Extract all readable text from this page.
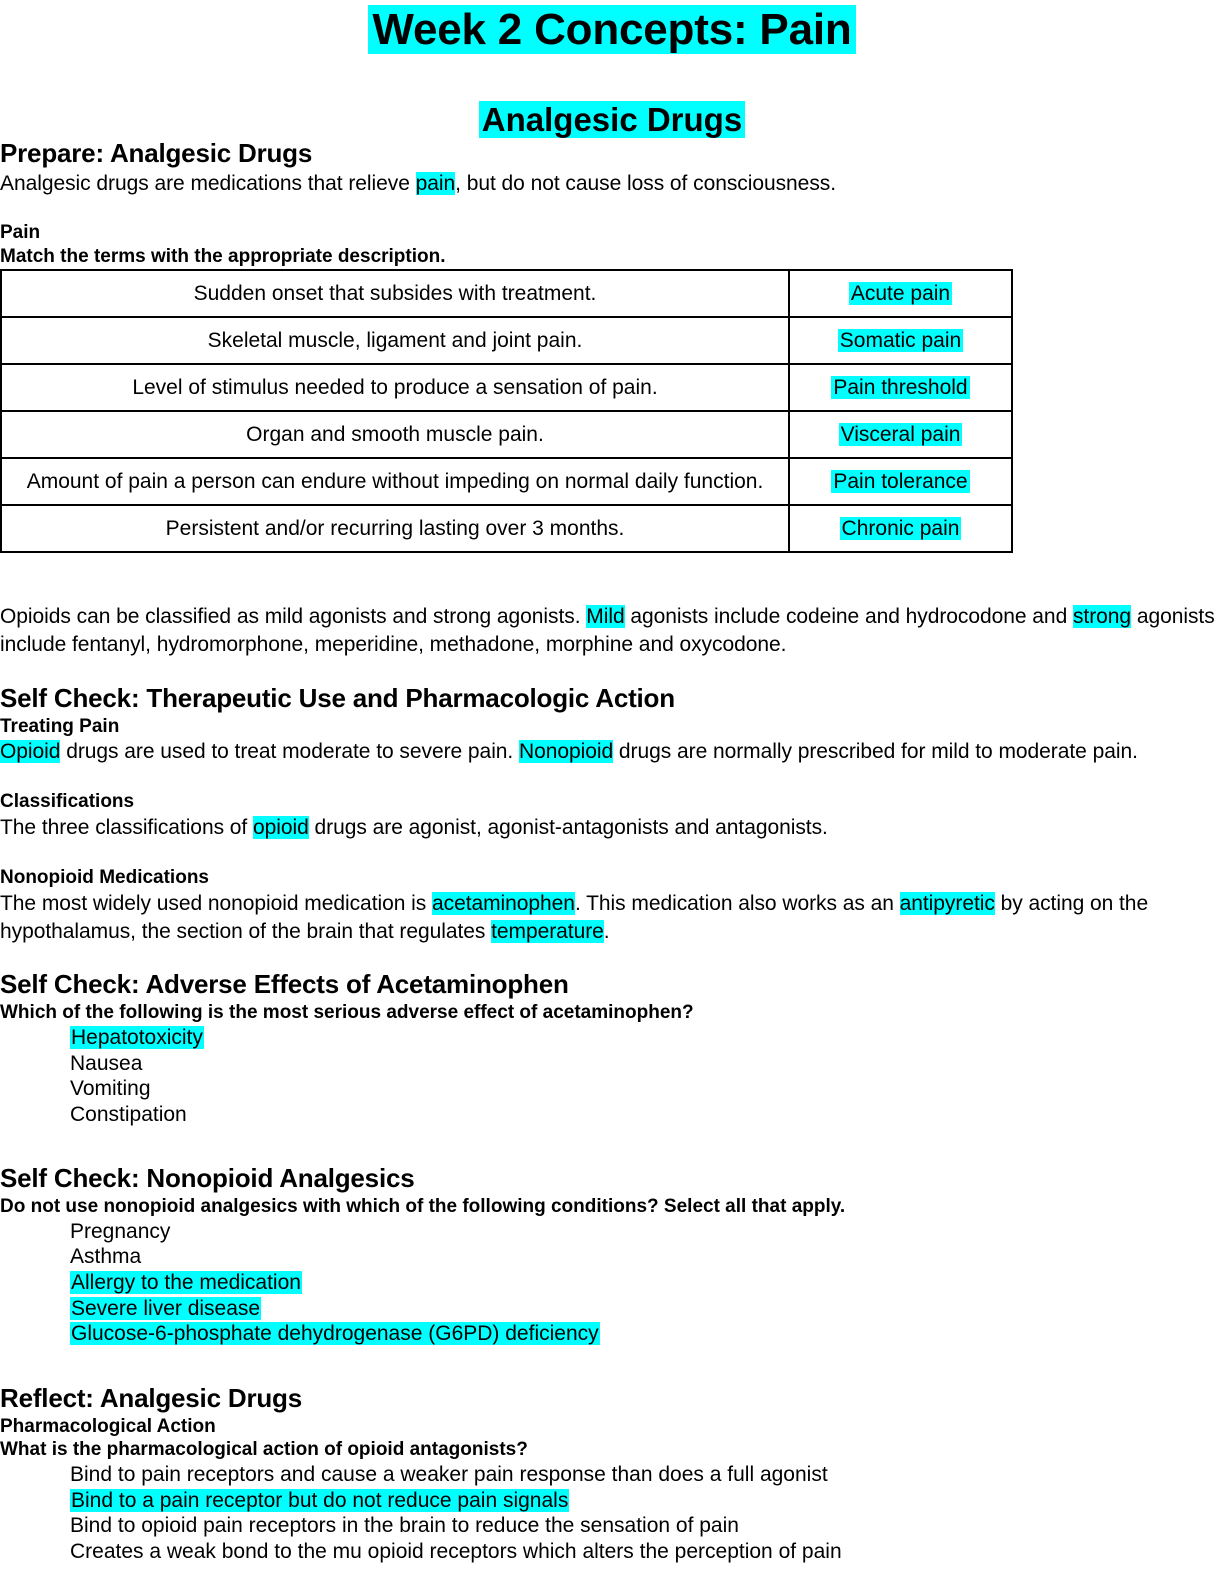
Week 2 Concepts: Pain
Analgesic Drugs
Prepare: Analgesic Drugs

Analgesic drugs are medications that relieve pain, but do not cause loss of consciousness.

Pain
Match the terms with the appropriate description.
Sudden onset that subsides with treatment.	Acute pain
Skeletal muscle, ligament and joint pain.	Somatic pain
Level of stimulus needed to produce a sensation of pain.	Pain threshold
Organ and smooth muscle pain.	Visceral pain
Amount of pain a person can endure without impeding on normal daily function.	Pain tolerance
Persistent and/or recurring lasting over 3 months.	Chronic pain

Opioids can be classified as mild agonists and strong agonists. Mild agonists include codeine and hydrocodone and strong agonists include fentanyl, hydromorphone, meperidine, methadone, morphine and oxycodone.

Self Check: Therapeutic Use and Pharmacologic Action
Treating Pain

Opioid drugs are used to treat moderate to severe pain. Nonopioid drugs are normally prescribed for mild to moderate pain.

Classifications

The three classifications of opioid drugs are agonist, agonist-antagonists and antagonists.

Nonopioid Medications

The most widely used nonopioid medication is acetaminophen. This medication also works as an antipyretic by acting on the hypothalamus, the section of the brain that regulates temperature.

Self Check: Adverse Effects of Acetaminophen
Which of the following is the most serious adverse effect of acetaminophen?
Hepatotoxicity
Nausea
Vomiting
Constipation
Self Check: Nonopioid Analgesics
Do not use nonopioid analgesics with which of the following conditions? Select all that apply.
Pregnancy
Asthma
Allergy to the medication
Severe liver disease
Glucose-6-phosphate dehydrogenase (G6PD) deficiency
Reflect: Analgesic Drugs
Pharmacological Action
What is the pharmacological action of opioid antagonists?
Bind to pain receptors and cause a weaker pain response than does a full agonist
Bind to a pain receptor but do not reduce pain signals
Bind to opioid pain receptors in the brain to reduce the sensation of pain
Creates a weak bond to the mu opioid receptors which alters the perception of pain
